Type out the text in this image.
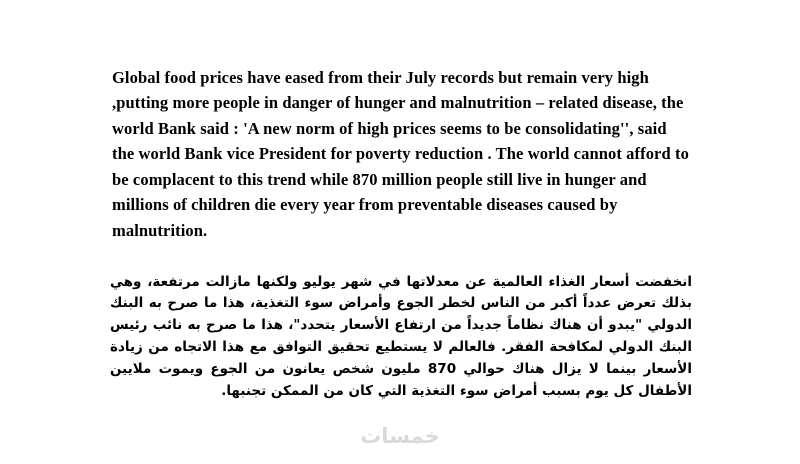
Global food prices have eased from their July records but remain very high ,putting more people in danger of hunger and malnutrition – related disease, the world Bank said : 'A new norm of high prices seems to be consolidating'', said the world Bank vice President for poverty reduction . The world cannot afford to be complacent to this trend while 870 million people still live in hunger and millions of children die every year from preventable diseases caused by malnutrition.

انخفضت أسعار الغذاء العالمية عن معدلاتها في شهر يوليو ولكنها مازالت مرتفعة، وهي بذلك تعرض عدداً أكبر من الناس لخطر الجوع وأمراض سوء التغذية، هذا ما صرح به البنك الدولي "يبدو أن هناك نظاماً جديداً من ارتفاع الأسعار يتحدد"، هذا ما صرح به نائب رئيس البنك الدولي لمكافحة الفقر. فالعالم لا يستطيع تحقيق التوافق مع هذا الاتجاه من زيادة الأسعار بينما لا يزال هناك حوالي 870 مليون شخص يعانون من الجوع ويموت ملايين الأطفال كل يوم بسبب أمراض سوء التغذية التي كان من الممكن تجنبها.

خمسات
